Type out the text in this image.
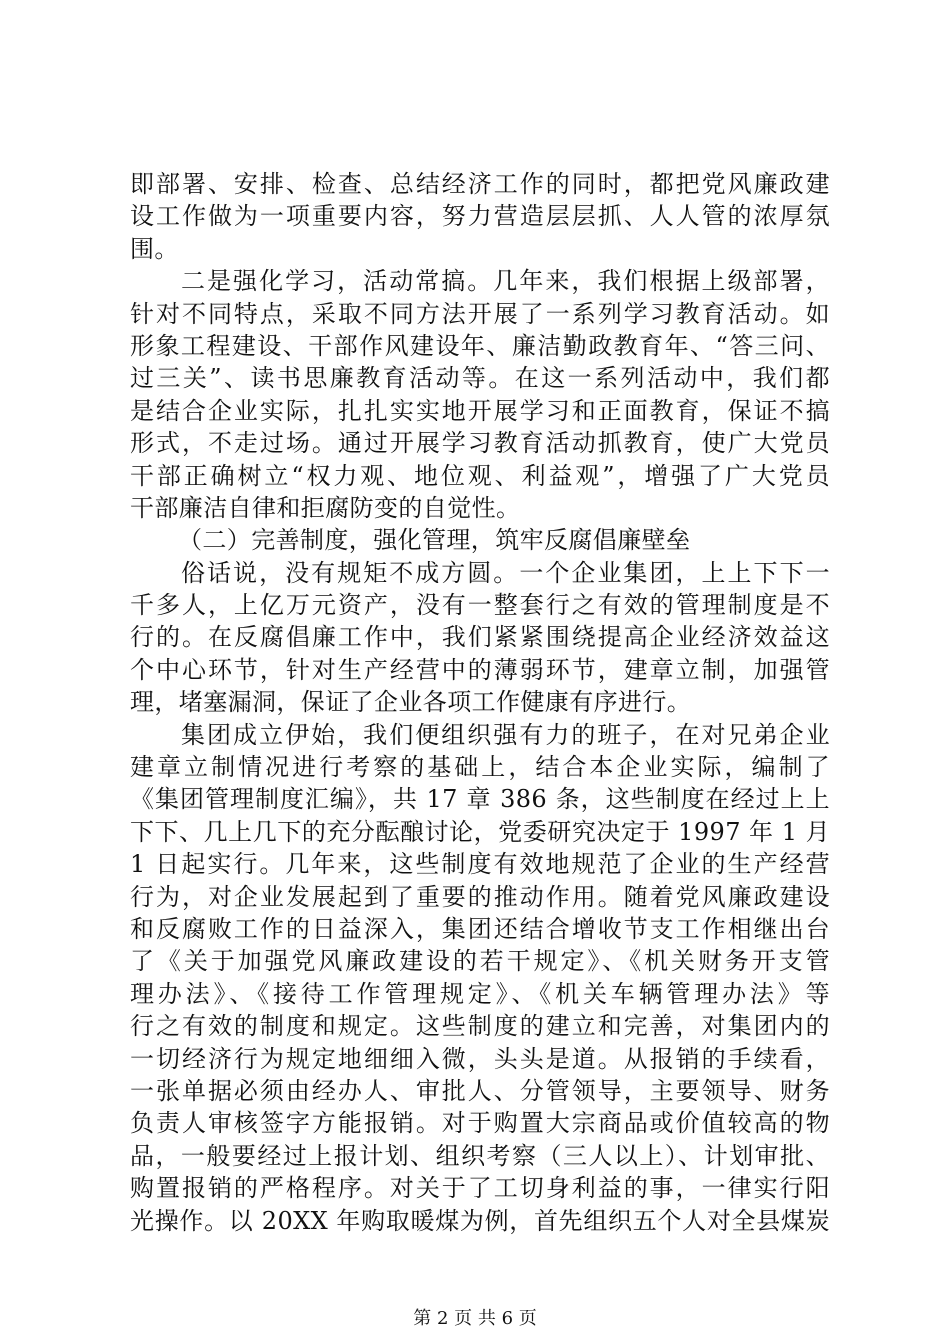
即部署、安排、检查、总结经济工作的同时，都把党风廉政建
设工作做为一项重要内容，努力营造层层抓、人人管的浓厚氛
围。
二是强化学习，活动常搞。几年来，我们根据上级部署，
针对不同特点，采取不同方法开展了一系列学习教育活动。如
形象工程建设、干部作风建设年、廉洁勤政教育年、“答三问、
过三关”、读书思廉教育活动等。在这一系列活动中，我们都
是结合企业实际，扎扎实实地开展学习和正面教育，保证不搞
形式，不走过场。通过开展学习教育活动抓教育，使广大党员
干部正确树立“权力观、地位观、利益观”，增强了广大党员
干部廉洁自律和拒腐防变的自觉性。
（二）完善制度，强化管理，筑牢反腐倡廉壁垒
俗话说，没有规矩不成方圆。一个企业集团，上上下下一
千多人，上亿万元资产，没有一整套行之有效的管理制度是不
行的。在反腐倡廉工作中，我们紧紧围绕提高企业经济效益这
个中心环节，针对生产经营中的薄弱环节，建章立制，加强管
理，堵塞漏洞，保证了企业各项工作健康有序进行。
集团成立伊始，我们便组织强有力的班子，在对兄弟企业
建章立制情况进行考察的基础上，结合本企业实际，编制了
《集团管理制度汇编》，共 17 章 386 条，这些制度在经过上上
下下、几上几下的充分酝酿讨论，党委研究决定于 1997 年 1 月
1 日起实行。几年来，这些制度有效地规范了企业的生产经营
行为，对企业发展起到了重要的推动作用。随着党风廉政建设
和反腐败工作的日益深入，集团还结合增收节支工作相继出台
了《关于加强党风廉政建设的若干规定》、《机关财务开支管
理办法》、《接待工作管理规定》、《机关车辆管理办法》等
行之有效的制度和规定。这些制度的建立和完善，对集团内的
一切经济行为规定地细细入微，头头是道。从报销的手续看，
一张单据必须由经办人、审批人、分管领导，主要领导、财务
负责人审核签字方能报销。对于购置大宗商品或价值较高的物
品，一般要经过上报计划、组织考察（三人以上）、计划审批、
购置报销的严格程序。对关于了工切身利益的事，一律实行阳
光操作。以 20XX 年购取暖煤为例，首先组织五个人对全县煤炭
第 2 页 共 6 页
